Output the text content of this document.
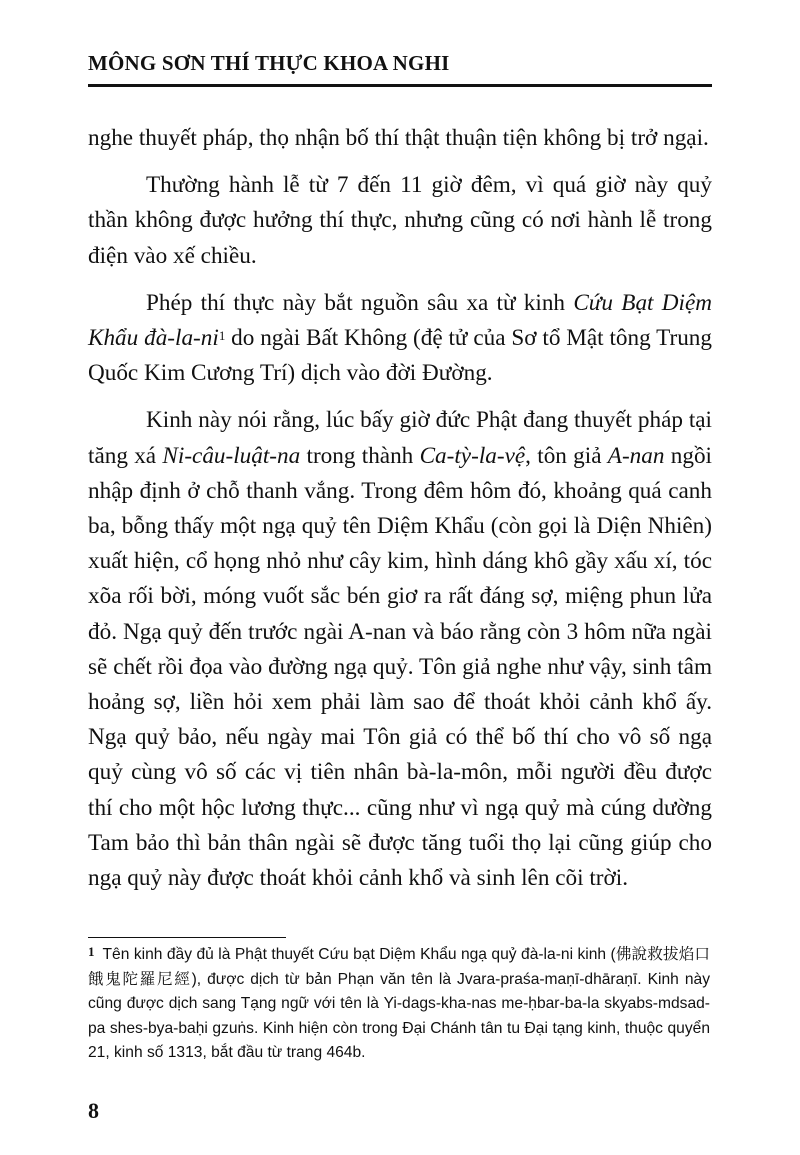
MÔNG SƠN THÍ THỰC KHOA NGHI

nghe thuyết pháp, thọ nhận bố thí thật thuận tiện không bị trở ngại.

Thường hành lễ từ 7 đến 11 giờ đêm, vì quá giờ này quỷ thần không được hưởng thí thực, nhưng cũng có nơi hành lễ trong điện vào xế chiều.

Phép thí thực này bắt nguồn sâu xa từ kinh Cứu Bạt Diệm Khẩu đà-la-ni$^1$ do ngài Bất Không (đệ tử của Sơ tổ Mật tông Trung Quốc Kim Cương Trí) dịch vào đời Đường.

Kinh này nói rằng, lúc bấy giờ đức Phật đang thuyết pháp tại tăng xá Ni-câu-luật-na trong thành Ca-tỳ-la-vệ, tôn giả A-nan ngồi nhập định ở chỗ thanh vắng. Trong đêm hôm đó, khoảng quá canh ba, bỗng thấy một ngạ quỷ tên Diệm Khẩu (còn gọi là Diện Nhiên) xuất hiện, cổ họng nhỏ như cây kim, hình dáng khô gầy xấu xí, tóc xõa rối bời, móng vuốt sắc bén giơ ra rất đáng sợ, miệng phun lửa đỏ. Ngạ quỷ đến trước ngài A-nan và báo rằng còn 3 hôm nữa ngài sẽ chết rồi đọa vào đường ngạ quỷ. Tôn giả nghe như vậy, sinh tâm hoảng sợ, liền hỏi xem phải làm sao để thoát khỏi cảnh khổ ấy. Ngạ quỷ bảo, nếu ngày mai Tôn giả có thể bố thí cho vô số ngạ quỷ cùng vô số các vị tiên nhân bà-la-môn, mỗi người đều được thí cho một hộc lương thực... cũng như vì ngạ quỷ mà cúng dường Tam bảo thì bản thân ngài sẽ được tăng tuổi thọ lại cũng giúp cho ngạ quỷ này được thoát khỏi cảnh khổ và sinh lên cõi trời.

$^1$ Tên kinh đầy đủ là Phật thuyết Cứu bạt Diệm Khẩu ngạ quỷ đà-la-ni kinh (佛說救拔焰口餓鬼陀羅尼經), được dịch từ bản Phạn văn tên là Jvara-praśa-maṇī-dhāraṇī. Kinh này cũng được dịch sang Tạng ngữ với tên là Yi-dags-kha-nas me-ḥbar-ba-la skyabs-mdsad-pa shes-bya-baḥi gzuṅs. Kinh hiện còn trong Đại Chánh tân tu Đại tạng kinh, thuộc quyển 21, kinh số 1313, bắt đầu từ trang 464b.

8
